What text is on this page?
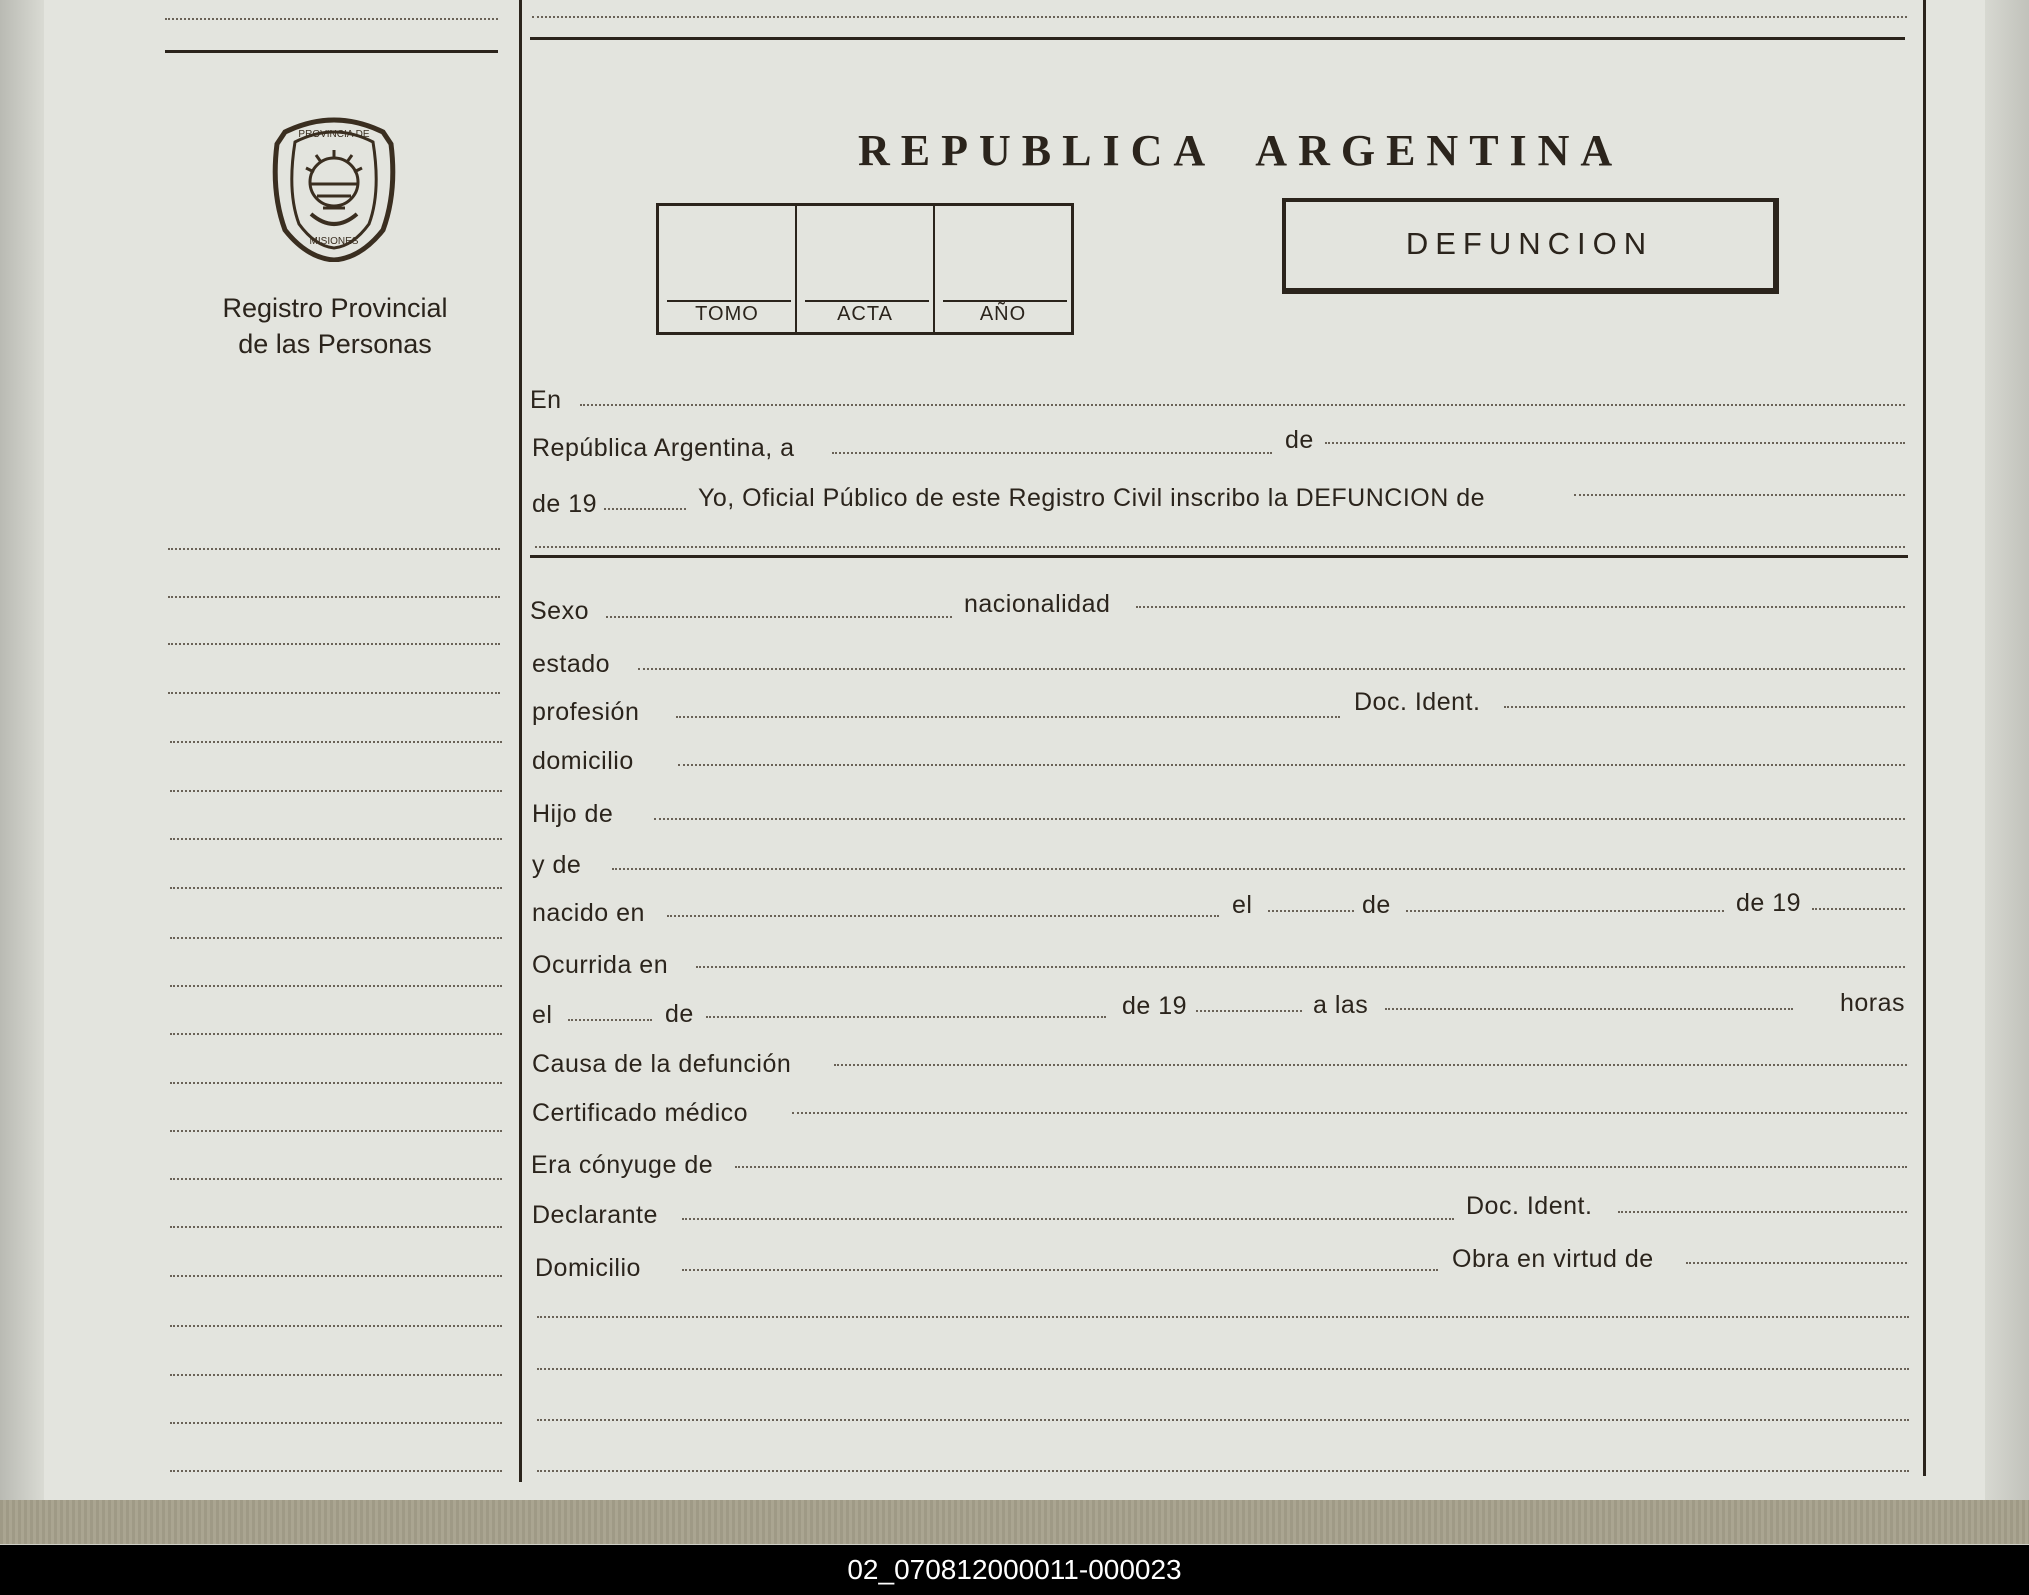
PROVINCIA DE
MISIONES
Registro Provincial
de las Personas
REPUBLICA ARGENTINA
TOMO	ACTA	AÑO
DEFUNCION
En
República Argentina, a	de
de 19	Yo, Oficial Público de este Registro Civil inscribo la DEFUNCION de
Sexo	nacionalidad
estado
profesión	Doc. Ident.
domicilio
Hijo de
y de
nacido en	el	de	de 19
Ocurrida en
el	de	de 19	a las	horas
Causa de la defunción
Certificado médico
Era cónyuge de
Declarante	Doc. Ident.
Domicilio	Obra en virtud de
02_070812000011-000023
